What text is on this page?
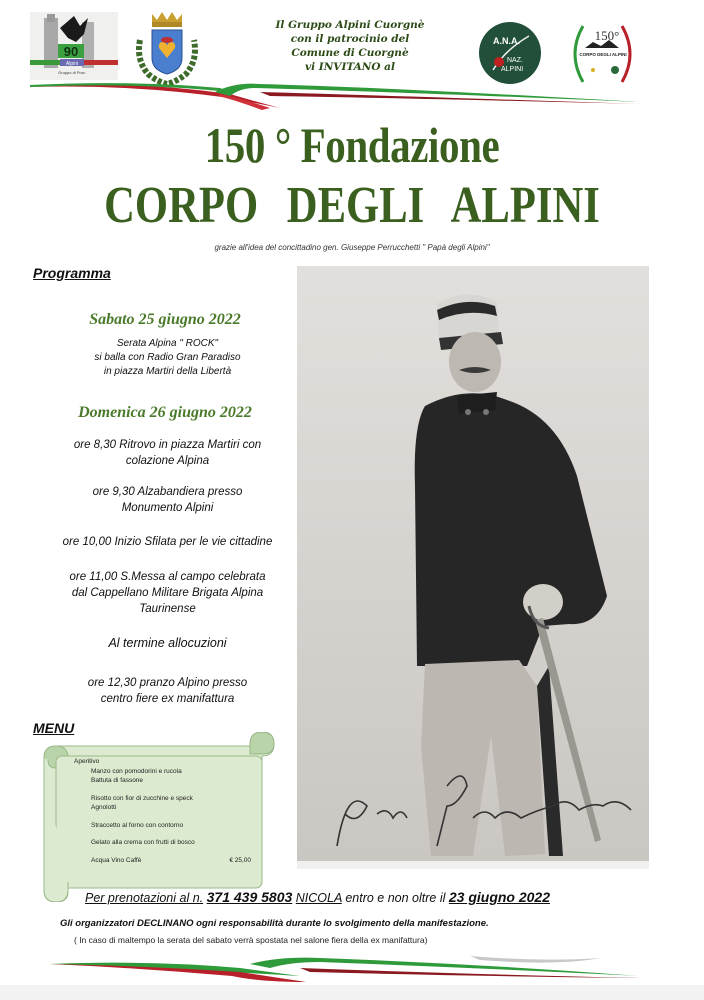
90
Alpini
Gruppo di Prov.
Il Gruppo Alpini Cuorgnè
con il patrocinio del
Comune di Cuorgnè
vi INVITANO al
A.N.A.
NAZ.
ALPINI
150°
CORPO DEGLI ALPINI
150 ° Fondazione
CORPO DEGLI ALPINI
grazie all'idea del concittadino gen. Giuseppe Perrucchetti " Papà degli Alpini"
Programma
Sabato 25 giugno 2022
Serata Alpina " ROCK"
si balla con Radio Gran Paradiso
in piazza Martiri della Libertà
Domenica 26 giugno 2022
ore 8,30 Ritrovo in piazza Martiri con
colazione Alpina
ore 9,30 Alzabandiera presso
Monumento Alpini
ore 10,00 Inizio Sfilata per le vie cittadine
ore 11,00 S.Messa al campo celebrata
dal Cappellano Militare Brigata Alpina
Taurinense
Al termine allocuzioni
ore 12,30 pranzo Alpino presso
centro fiere ex manifattura
MENU
Aperitivo
Manzo con pomodorini e rucola
Battuta di fassone
Risotto con fior di zucchine e speck
Agnolotti
Straccetto al forno con contorno
Gelato alla crema con frutti di bosco
Acqua Vino Caffè	€ 25,00
Per prenotazioni al n. 371 439 5803 NICOLA entro e non oltre il 23 giugno 2022
Gli organizzatori DECLINANO ogni responsabilità durante lo svolgimento della manifestazione.
( In caso di maltempo la serata del sabato verrà spostata nel salone fiera della ex manifattura)
